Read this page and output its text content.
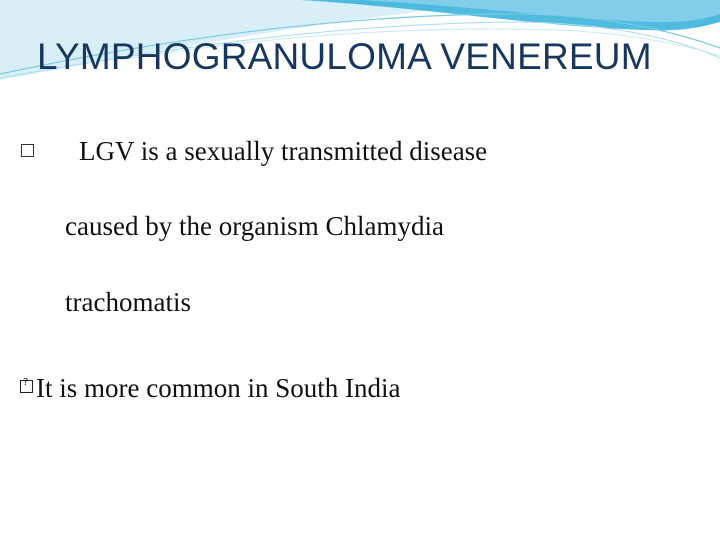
LYMPHOGRANULOMA VENEREUM
LGV is a sexually transmitted disease
caused by the organism Chlamydia
trachomatis
?
It is more common in South India
